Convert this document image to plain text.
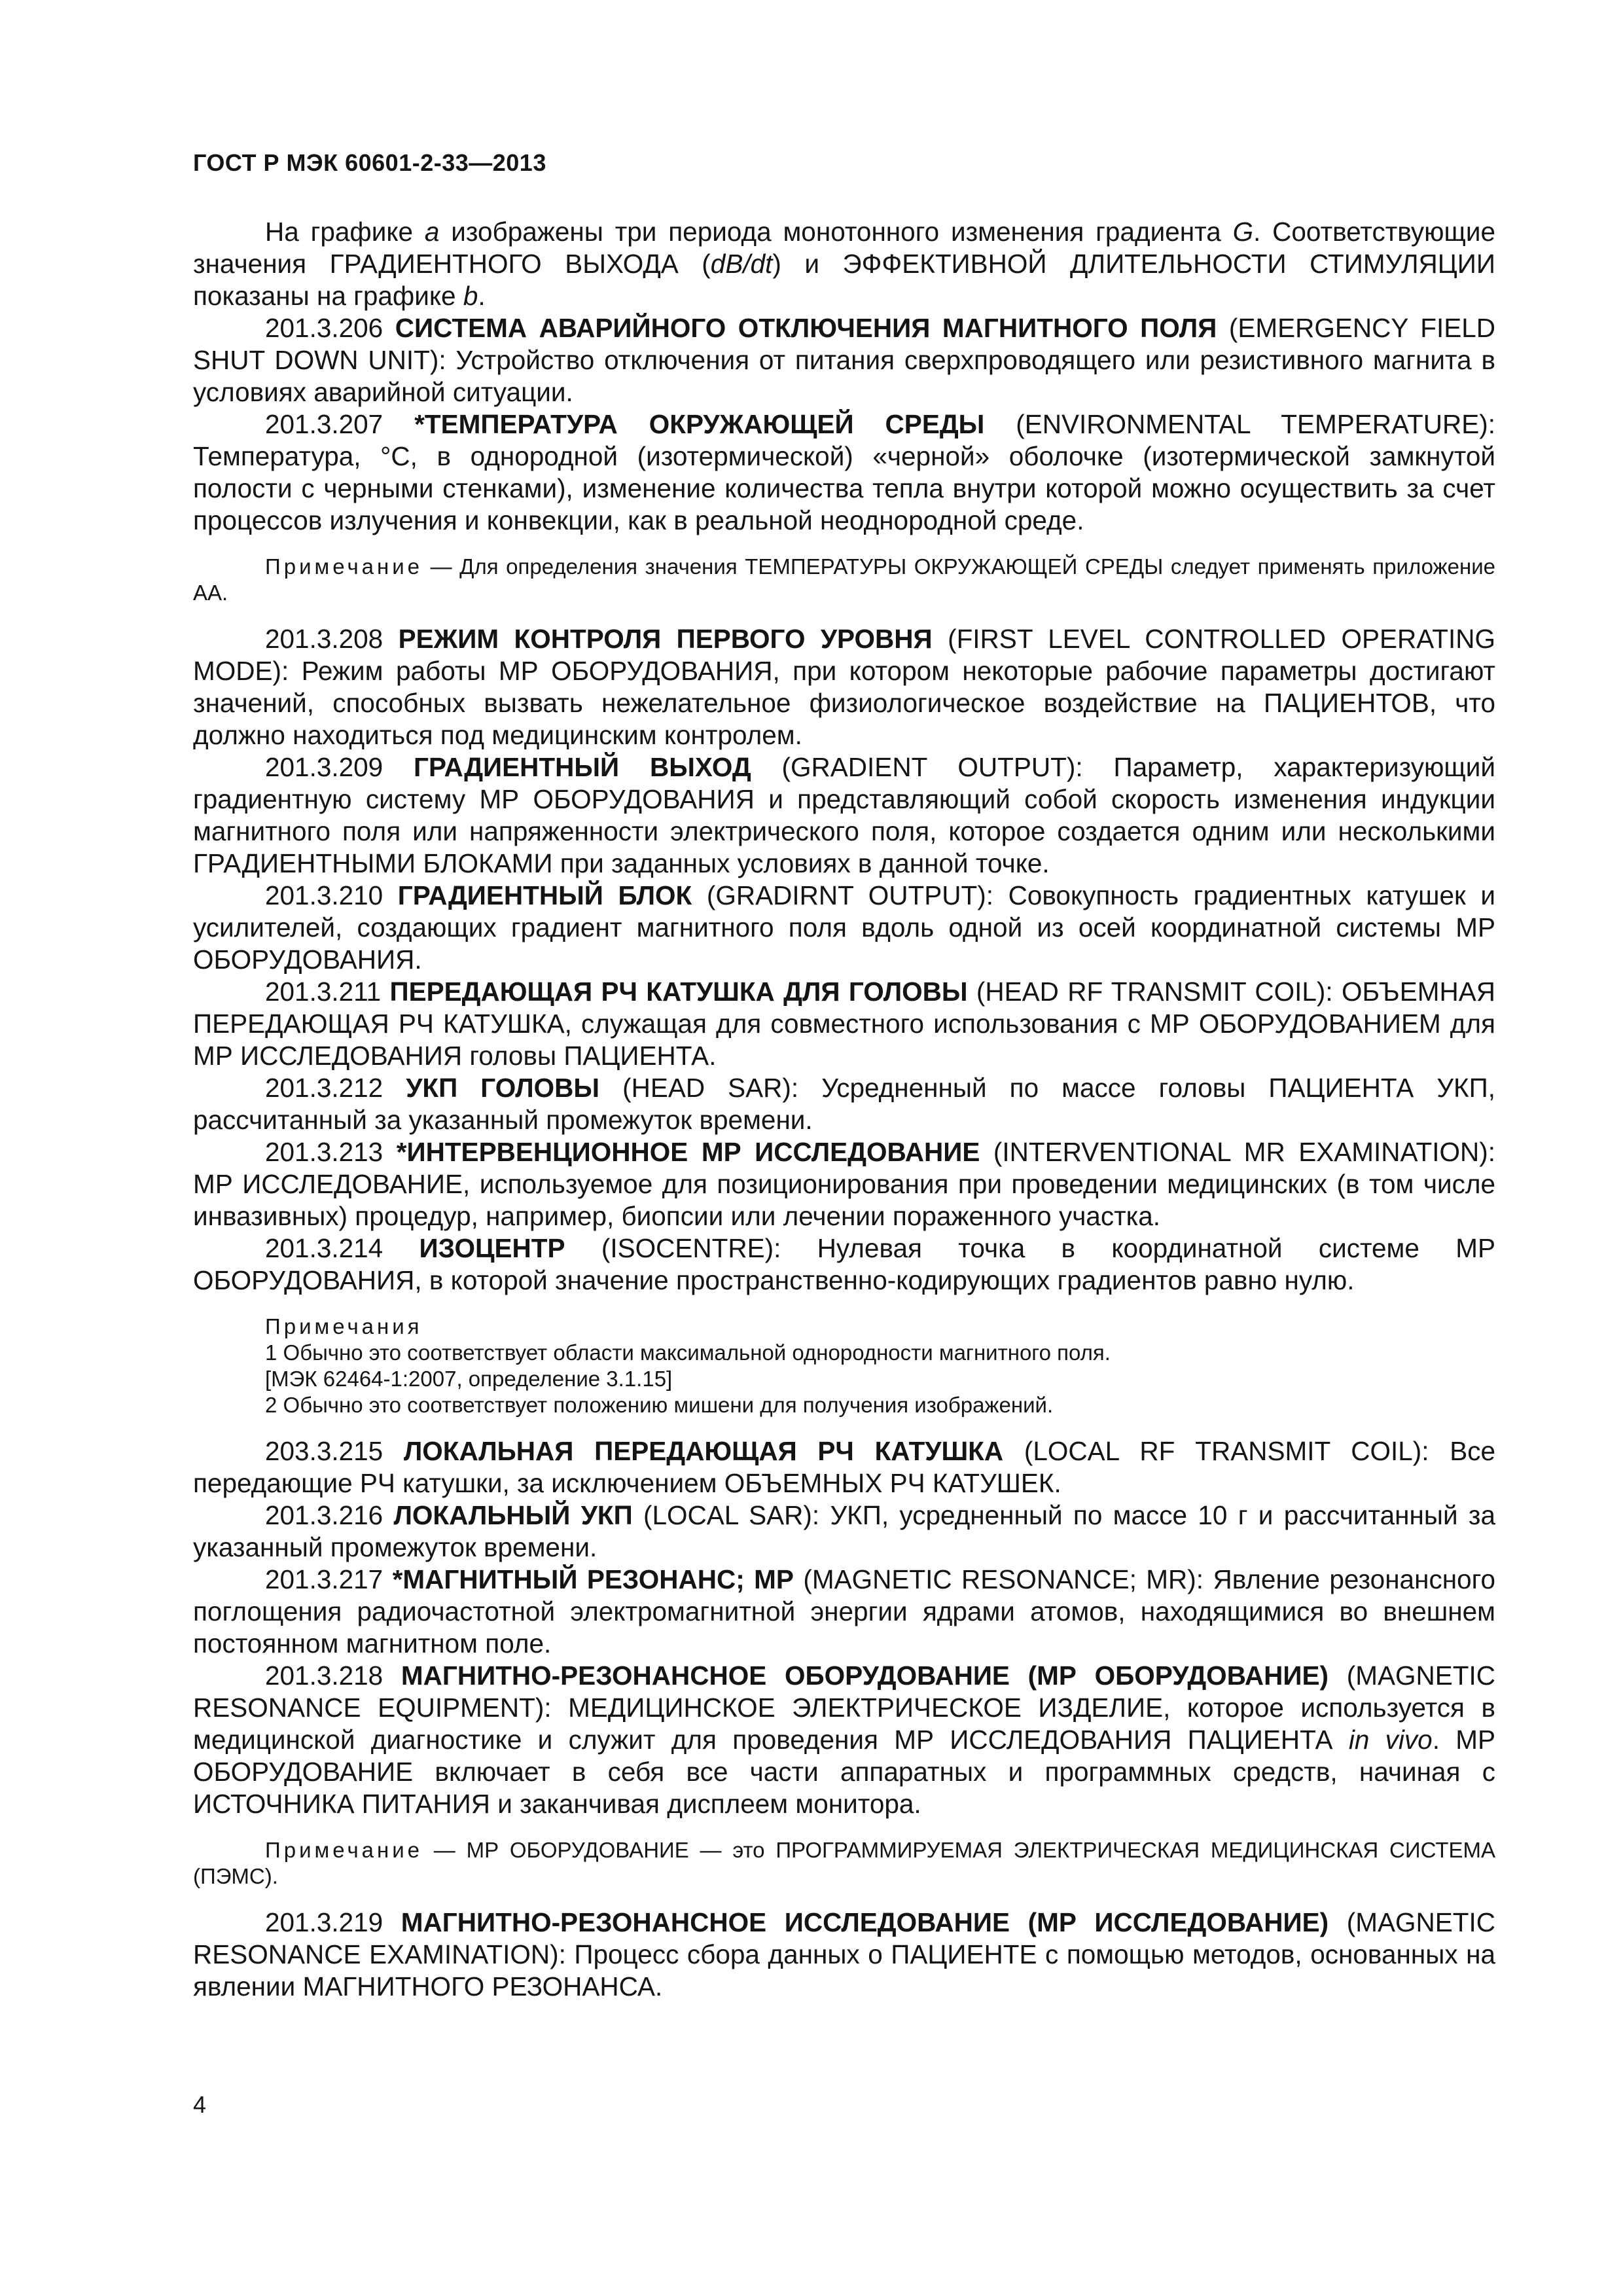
ГОСТ Р МЭК 60601-2-33—2013

На графике a изображены три периода монотонного изменения градиента G. Соответствующие значения ГРАДИЕНТНОГО ВЫХОДА (dB/dt) и ЭФФЕКТИВНОЙ ДЛИТЕЛЬНОСТИ СТИМУЛЯЦИИ показаны на графике b.

201.3.206 СИСТЕМА АВАРИЙНОГО ОТКЛЮЧЕНИЯ МАГНИТНОГО ПОЛЯ (EMERGENCY FIELD SHUT DOWN UNIT): Устройство отключения от питания сверхпроводящего или резистивного магнита в условиях аварийной ситуации.

201.3.207 *ТЕМПЕРАТУРА ОКРУЖАЮЩЕЙ СРЕДЫ (ENVIRONMENTAL TEMPERATURE): Температура, °С, в однородной (изотермической) «черной» оболочке (изотермической замкнутой полости с черными стенками), изменение количества тепла внутри которой можно осуществить за счет процессов излучения и конвекции, как в реальной неоднородной среде.

Примечание — Для определения значения ТЕМПЕРАТУРЫ ОКРУЖАЮЩЕЙ СРЕДЫ следует применять приложение АА.

201.3.208 РЕЖИМ КОНТРОЛЯ ПЕРВОГО УРОВНЯ (FIRST LEVEL CONTROLLED OPERATING MODE): Режим работы МР ОБОРУДОВАНИЯ, при котором некоторые рабочие параметры достигают значений, способных вызвать нежелательное физиологическое воздействие на ПАЦИЕНТОВ, что должно находиться под медицинским контролем.

201.3.209 ГРАДИЕНТНЫЙ ВЫХОД (GRADIENT OUTPUT): Параметр, характеризующий градиентную систему МР ОБОРУДОВАНИЯ и представляющий собой скорость изменения индукции магнитного поля или напряженности электрического поля, которое создается одним или несколькими ГРАДИЕНТНЫМИ БЛОКАМИ при заданных условиях в данной точке.

201.3.210 ГРАДИЕНТНЫЙ БЛОК (GRADIRNT OUTPUT): Совокупность градиентных катушек и усилителей, создающих градиент магнитного поля вдоль одной из осей координатной системы МР ОБОРУДОВАНИЯ.

201.3.211 ПЕРЕДАЮЩАЯ РЧ КАТУШКА ДЛЯ ГОЛОВЫ (HEAD RF TRANSMIT COIL): ОБЪЕМНАЯ ПЕРЕДАЮЩАЯ РЧ КАТУШКА, служащая для совместного использования с МР ОБОРУДОВАНИЕМ для МР ИССЛЕДОВАНИЯ головы ПАЦИЕНТА.

201.3.212 УКП ГОЛОВЫ (HEAD SAR): Усредненный по массе головы ПАЦИЕНТА УКП, рассчитанный за указанный промежуток времени.

201.3.213 *ИНТЕРВЕНЦИОННОЕ МР ИССЛЕДОВАНИЕ (INTERVENTIONAL MR EXAMINATION): МР ИССЛЕДОВАНИЕ, используемое для позиционирования при проведении медицинских (в том числе инвазивных) процедур, например, биопсии или лечении пораженного участка.

201.3.214 ИЗОЦЕНТР (ISOCENTRE): Нулевая точка в координатной системе МР ОБОРУДОВАНИЯ, в которой значение пространственно-кодирующих градиентов равно нулю.

Примечания
1 Обычно это соответствует области максимальной однородности магнитного поля.
[МЭК 62464-1:2007, определение 3.1.15]
2 Обычно это соответствует положению мишени для получения изображений.

203.3.215 ЛОКАЛЬНАЯ ПЕРЕДАЮЩАЯ РЧ КАТУШКА (LOCAL RF TRANSMIT COIL): Все передающие РЧ катушки, за исключением ОБЪЕМНЫХ РЧ КАТУШЕК.

201.3.216 ЛОКАЛЬНЫЙ УКП (LOCAL SAR): УКП, усредненный по массе 10 г и рассчитанный за указанный промежуток времени.

201.3.217 *МАГНИТНЫЙ РЕЗОНАНС; МР (MAGNETIC RESONANCE; MR): Явление резонансного поглощения радиочастотной электромагнитной энергии ядрами атомов, находящимися во внешнем постоянном магнитном поле.

201.3.218 МАГНИТНО-РЕЗОНАНСНОЕ ОБОРУДОВАНИЕ (МР ОБОРУДОВАНИЕ) (MAGNETIC RESONANCE EQUIPMENT): МЕДИЦИНСКОЕ ЭЛЕКТРИЧЕСКОЕ ИЗДЕЛИЕ, которое используется в медицинской диагностике и служит для проведения МР ИССЛЕДОВАНИЯ ПАЦИЕНТА in vivo. МР ОБОРУДОВАНИЕ включает в себя все части аппаратных и программных средств, начиная с ИСТОЧНИКА ПИТАНИЯ и заканчивая дисплеем монитора.

Примечание — МР ОБОРУДОВАНИЕ — это ПРОГРАММИРУЕМАЯ ЭЛЕКТРИЧЕСКАЯ МЕДИЦИНСКАЯ СИСТЕМА (ПЭМС).

201.3.219 МАГНИТНО-РЕЗОНАНСНОЕ ИССЛЕДОВАНИЕ (МР ИССЛЕДОВАНИЕ) (MAGNETIC RESONANCE EXAMINATION): Процесс сбора данных о ПАЦИЕНТЕ с помощью методов, основанных на явлении МАГНИТНОГО РЕЗОНАНСА.

4
